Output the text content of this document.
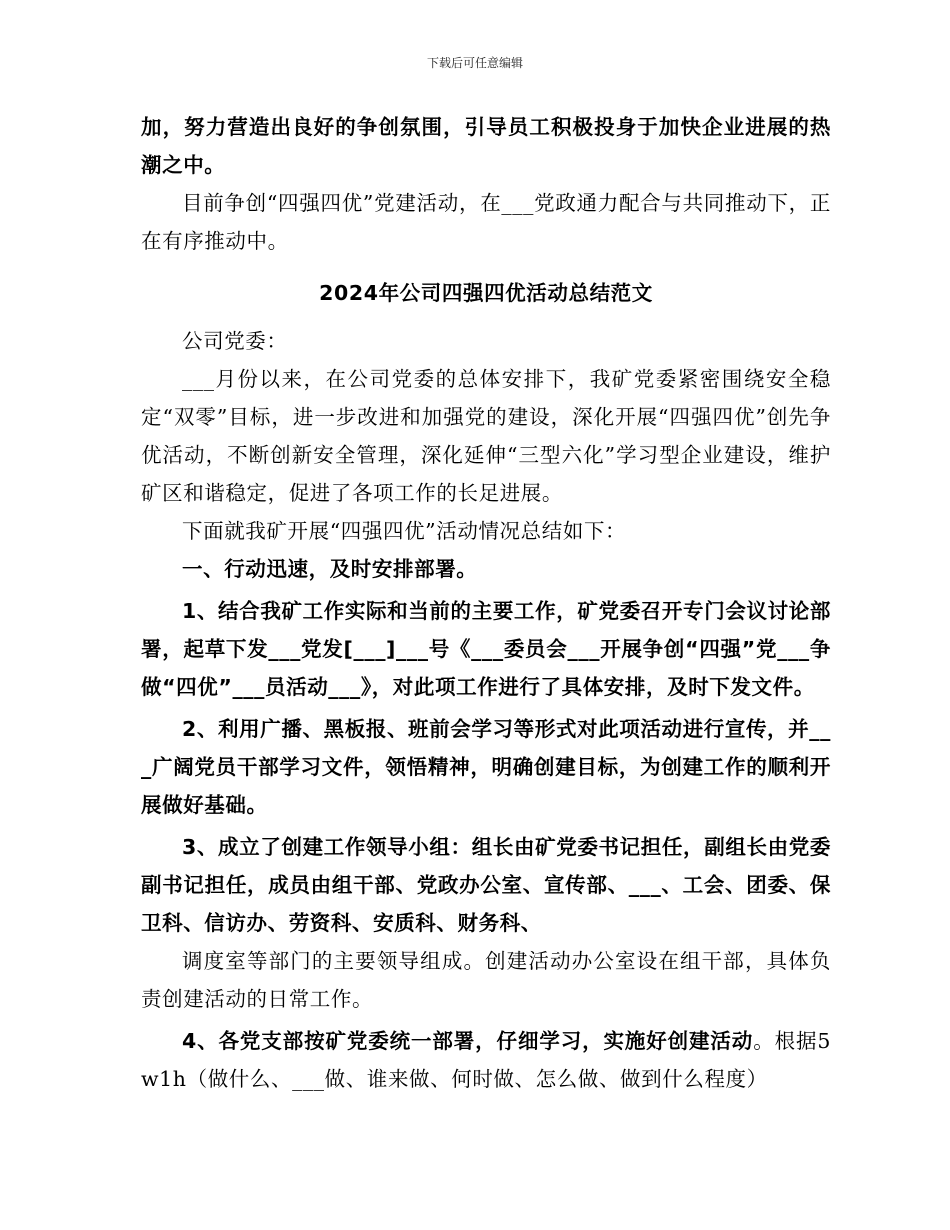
下载后可任意编辑

加，努力营造出良好的争创氛围，引导员工积极投身于加快企业进展的热潮之中。

目前争创“四强四优”党建活动，在___党政通力配合与共同推动下，正在有序推动中。

2024年公司四强四优活动总结范文

公司党委：

___月份以来，在公司党委的总体安排下，我矿党委紧密围绕安全稳定“双零”目标，进一步改进和加强党的建设，深化开展“四强四优”创先争优活动，不断创新安全管理，深化延伸“三型六化”学习型企业建设，维护矿区和谐稳定，促进了各项工作的长足进展。

下面就我矿开展“四强四优”活动情况总结如下：

一、行动迅速，及时安排部署。

1、结合我矿工作实际和当前的主要工作，矿党委召开专门会议讨论部署，起草下发___党发[___]___号《___委员会___开展争创“四强”党___争做“四优”___员活动___》，对此项工作进行了具体安排，及时下发文件。

2、利用广播、黑板报、班前会学习等形式对此项活动进行宣传，并___广阔党员干部学习文件，领悟精神，明确创建目标，为创建工作的顺利开展做好基础。

3、成立了创建工作领导小组：组长由矿党委书记担任，副组长由党委副书记担任，成员由组干部、党政办公室、宣传部、___、工会、团委、保卫科、信访办、劳资科、安质科、财务科、

调度室等部门的主要领导组成。创建活动办公室设在组干部，具体负责创建活动的日常工作。

4、各党支部按矿党委统一部署，仔细学习，实施好创建活动。根据5w1h（做什么、___做、谁来做、何时做、怎么做、做到什么程度）
